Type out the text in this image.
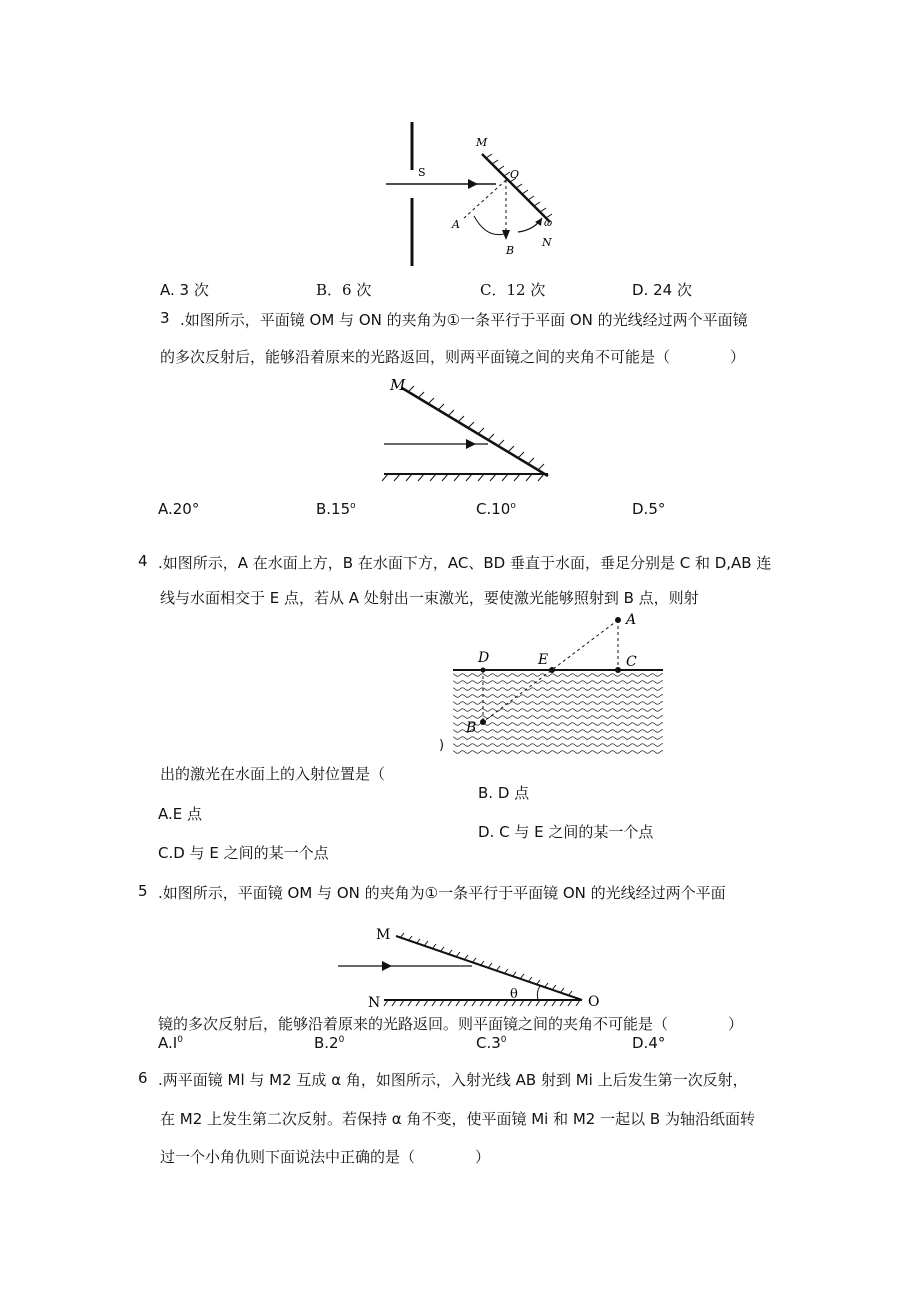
S
M
O
A
B
N
ω
A. 3 次	B．6 次	C．12 次	D. 24 次
3 .如图所示，平面镜 OM 与 ON 的夹角为①一条平行于平面 ON 的光线经过两个平面镜
的多次反射后，能够沿着原来的光路返回，则两平面镜之间的夹角不可能是（　　　　）
M
A.20°	B.15$^o$	C.10$^o$	D.5°
4 .如图所示，A 在水面上方，B 在水面下方，AC、BD 垂直于水面，垂足分别是 C 和 D,AB 连
线与水面相交于 E 点，若从 A 处射出一束激光，要使激光能够照射到 B 点，则射
A
C
D	E
B
)
出的激光在水面上的入射位置是（
B. D 点
A.E 点
D. C 与 E 之间的某一个点
C.D 与 E 之间的某一个点
5 .如图所示，平面镜 OM 与 ON 的夹角为①一条平行于平面镜 ON 的光线经过两个平面
M
N	O
θ
镜的多次反射后，能够沿着原来的光路返回。则平面镜之间的夹角不可能是（　　　　）
$A.I^0$	$B.2^0$	$C.3^0$	D.4°
6 .两平面镜 Ml 与 M2 互成 α 角，如图所示，入射光线 AB 射到 Mi 上后发生第一次反射，
在 M2 上发生第二次反射。若保持 α 角不变，使平面镜 Mi 和 M2 一起以 B 为轴沿纸面转
过一个小角仇则下面说法中正确的是（　　　　）
